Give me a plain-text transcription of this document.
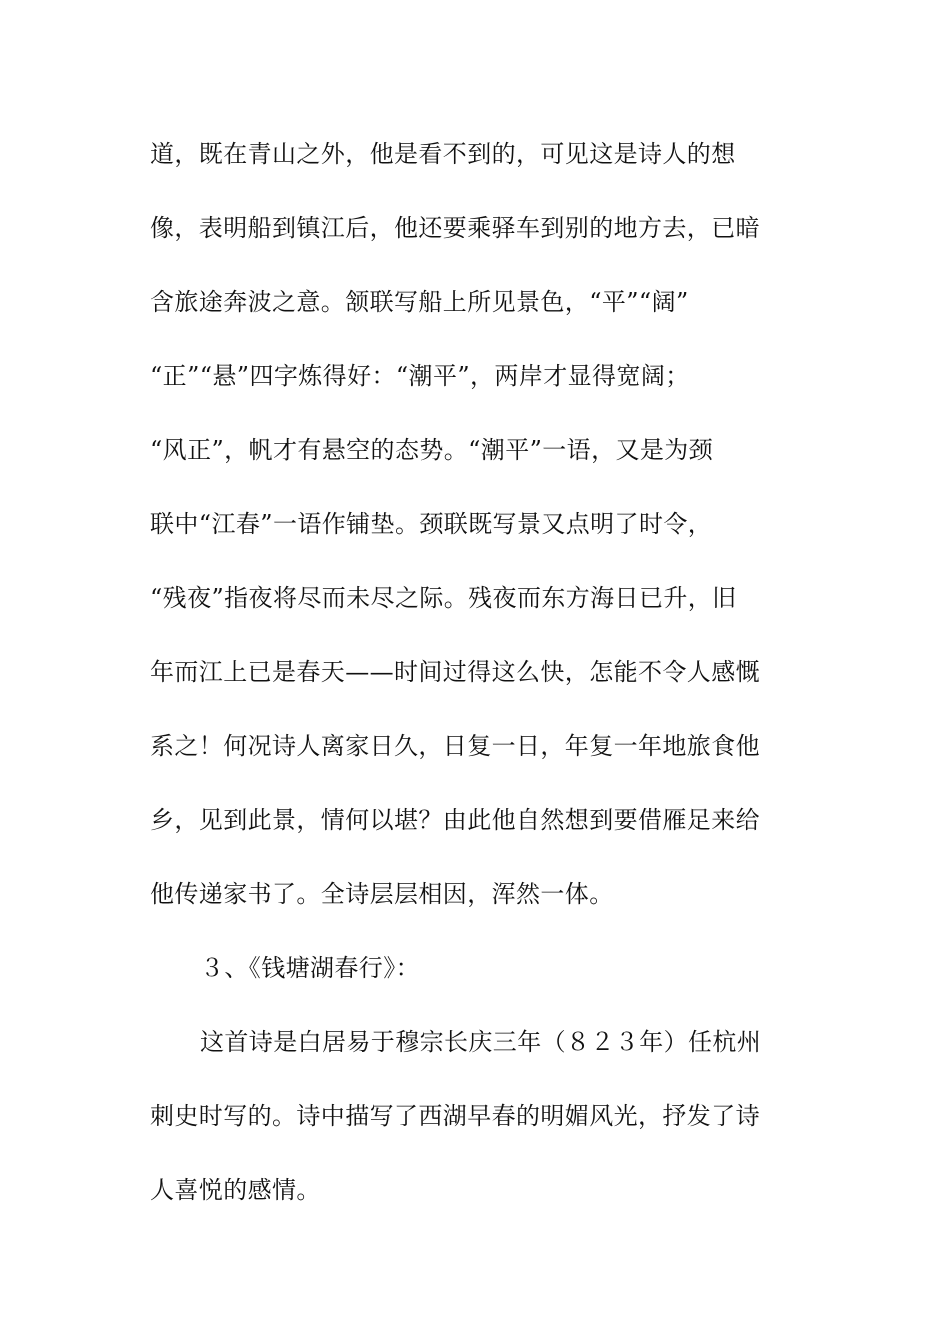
道，既在青山之外，他是看不到的，可见这是诗人的想
像，表明船到镇江后，他还要乘驿车到别的地方去，已暗
含旅途奔波之意。颔联写船上所见景色，“平”“阔”
“正”“悬”四字炼得好：“潮平”，两岸才显得宽阔；
“风正”，帆才有悬空的态势。“潮平”一语，又是为颈
联中“江春”一语作铺垫。颈联既写景又点明了时令，
“残夜”指夜将尽而未尽之际。残夜而东方海日已升，旧
年而江上已是春天——时间过得这么快，怎能不令人感慨
系之！何况诗人离家日久，日复一日，年复一年地旅食他
乡，见到此景，情何以堪？由此他自然想到要借雁足来给
他传递家书了。全诗层层相因，浑然一体。
３、《钱塘湖春行》：
这首诗是白居易于穆宗长庆三年（８２３年）任杭州
刺史时写的。诗中描写了西湖早春的明媚风光，抒发了诗
人喜悦的感情。
